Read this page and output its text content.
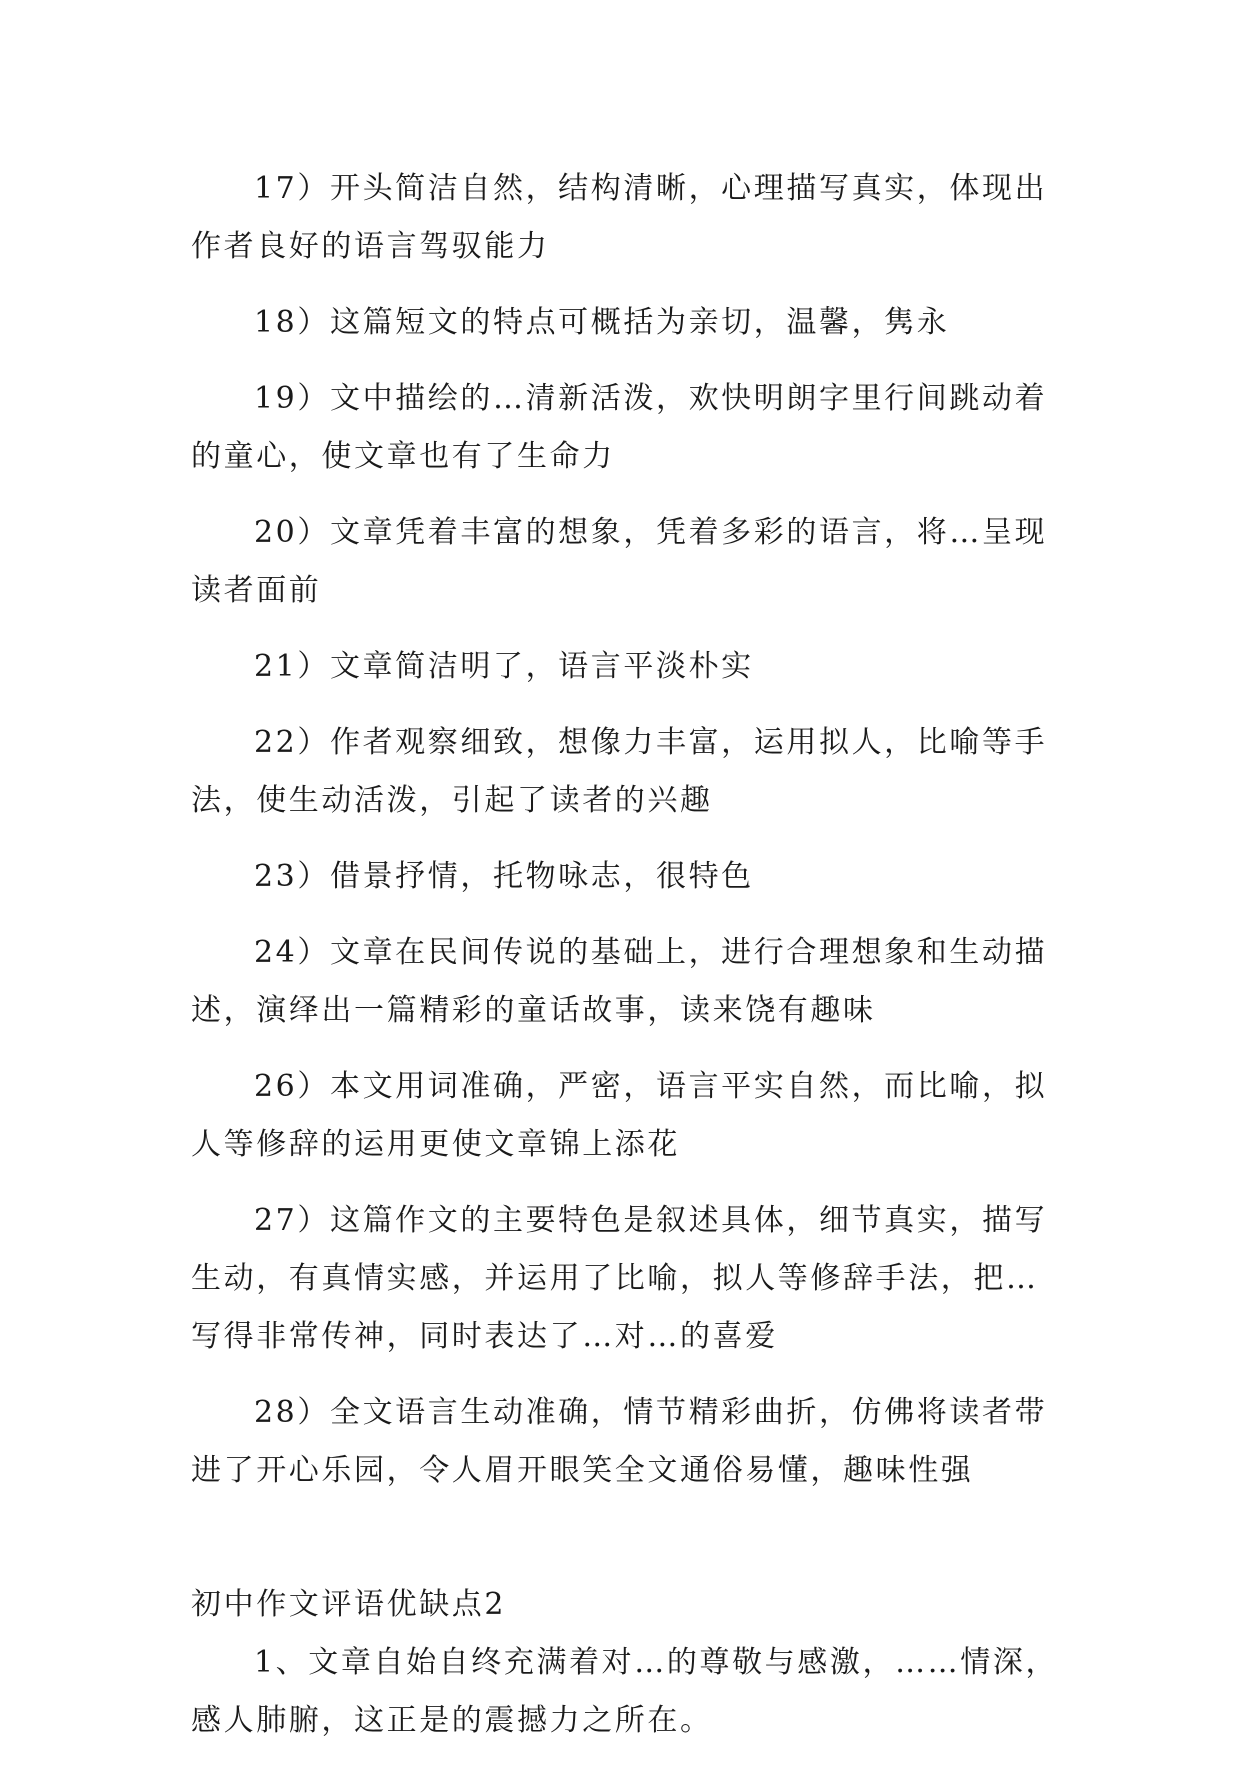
17）开头简洁自然，结构清晰，心理描写真实，体现出作者良好的语言驾驭能力

18）这篇短文的特点可概括为亲切，温馨，隽永

19）文中描绘的…清新活泼，欢快明朗字里行间跳动着的童心，使文章也有了生命力

20）文章凭着丰富的想象，凭着多彩的语言，将…呈现读者面前

21）文章简洁明了，语言平淡朴实

22）作者观察细致，想像力丰富，运用拟人，比喻等手法，使生动活泼，引起了读者的兴趣

23）借景抒情，托物咏志，很特色

24）文章在民间传说的基础上，进行合理想象和生动描述，演绎出一篇精彩的童话故事，读来饶有趣味

26）本文用词准确，严密，语言平实自然，而比喻，拟人等修辞的运用更使文章锦上添花

27）这篇作文的主要特色是叙述具体，细节真实，描写生动，有真情实感，并运用了比喻，拟人等修辞手法，把…写得非常传神，同时表达了…对…的喜爱

28）全文语言生动准确，情节精彩曲折，仿佛将读者带进了开心乐园，令人眉开眼笑全文通俗易懂，趣味性强

初中作文评语优缺点2

1、文章自始自终充满着对…的尊敬与感激，……情深，感人肺腑，这正是的震撼力之所在。
